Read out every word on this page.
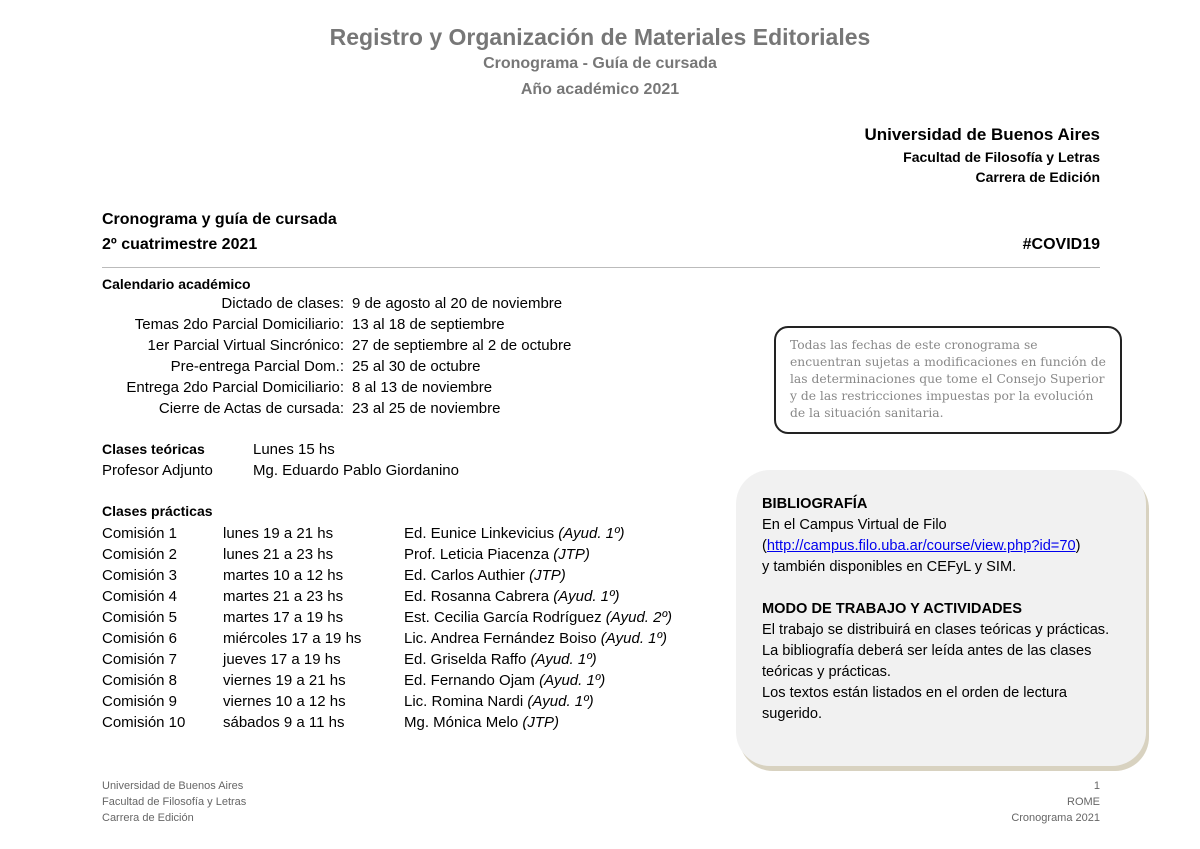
Registro y Organización de Materiales Editoriales
Cronograma - Guía de cursada
Año académico 2021
Universidad de Buenos Aires
Facultad de Filosofía y Letras
Carrera de Edición
Cronograma y guía de cursada
2º cuatrimestre 2021	#COVID19
Calendario académico
Dictado de clases: 9 de agosto al 20 de noviembre
Temas 2do Parcial Domiciliario: 13 al 18 de septiembre
1er Parcial Virtual Sincrónico: 27 de septiembre al 2 de octubre
Pre-entrega Parcial Dom.: 25 al 30 de octubre
Entrega 2do Parcial Domiciliario: 8 al 13 de noviembre
Cierre de Actas de cursada: 23 al 25 de noviembre
Todas las fechas de este cronograma se encuentran sujetas a modificaciones en función de las determinaciones que tome el Consejo Superior y de las restricciones impuestas por la evolución de la situación sanitaria.
Clases teóricas	Lunes 15 hs
Profesor Adjunto	Mg. Eduardo Pablo Giordanino
Clases prácticas
Comisión 1	lunes 19 a 21 hs	Ed. Eunice Linkevicius (Ayud. 1º)
Comisión 2	lunes 21 a 23 hs	Prof. Leticia Piacenza (JTP)
Comisión 3	martes 10 a 12 hs	Ed. Carlos Authier (JTP)
Comisión 4	martes 21 a 23 hs	Ed. Rosanna Cabrera (Ayud. 1º)
Comisión 5	martes 17 a 19 hs	Est. Cecilia García Rodríguez (Ayud. 2º)
Comisión 6	miércoles 17 a 19 hs	Lic. Andrea Fernández Boiso (Ayud. 1º)
Comisión 7	jueves 17 a 19 hs	Ed. Griselda Raffo (Ayud. 1º)
Comisión 8	viernes 19 a 21 hs	Ed. Fernando Ojam (Ayud. 1º)
Comisión 9	viernes 10 a 12 hs	Lic. Romina Nardi (Ayud. 1º)
Comisión 10	sábados 9 a 11 hs	Mg. Mónica Melo (JTP)
BIBLIOGRAFÍA
En el Campus Virtual de Filo
(http://campus.filo.uba.ar/course/view.php?id=70)
y también disponibles en CEFyL y SIM.
MODO DE TRABAJO Y ACTIVIDADES
El trabajo se distribuirá en clases teóricas y prácticas.
La bibliografía deberá ser leída antes de las clases teóricas y prácticas.
Los textos están listados en el orden de lectura sugerido.
Universidad de Buenos Aires
Facultad de Filosofía y Letras
Carrera de Edición
1
ROME
Cronograma 2021
